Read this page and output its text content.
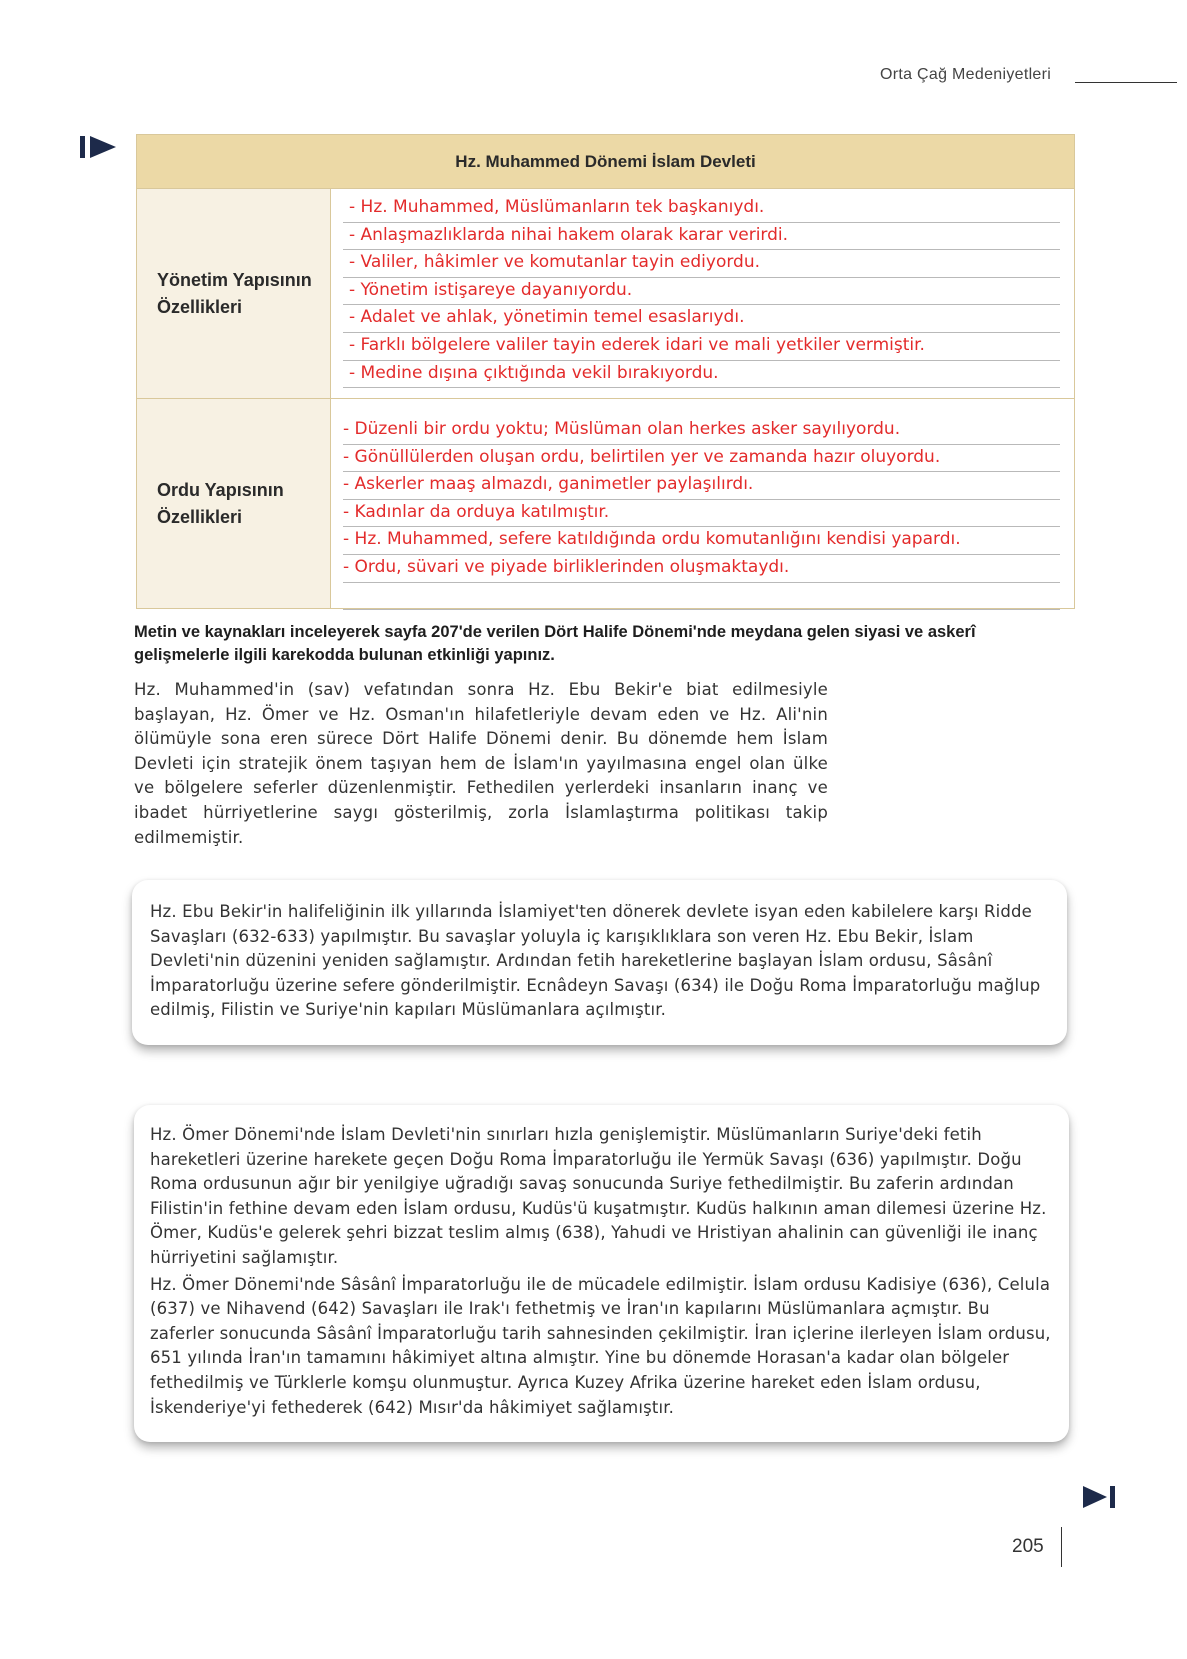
Orta Çağ Medeniyetleri
Hz. Muhammed Dönemi İslam Devleti
Yönetim Yapısının
Özellikleri
- Hz. Muhammed, Müslümanların tek başkanıydı.
- Anlaşmazlıklarda nihai hakem olarak karar verirdi.
- Valiler, hâkimler ve komutanlar tayin ediyordu.
- Yönetim istişareye dayanıyordu.
- Adalet ve ahlak, yönetimin temel esaslarıydı.
- Farklı bölgelere valiler tayin ederek idari ve mali yetkiler vermiştir.
- Medine dışına çıktığında vekil bırakıyordu.
Ordu Yapısının
Özellikleri
- Düzenli bir ordu yoktu; Müslüman olan herkes asker sayılıyordu.
- Gönüllülerden oluşan ordu, belirtilen yer ve zamanda hazır oluyordu.
- Askerler maaş almazdı, ganimetler paylaşılırdı.
- Kadınlar da orduya katılmıştır.
- Hz. Muhammed, sefere katıldığında ordu komutanlığını kendisi yapardı.
- Ordu, süvari ve piyade birliklerinden oluşmaktaydı.
Metin ve kaynakları inceleyerek sayfa 207'de verilen Dört Halife Dönemi'nde meydana gelen siyasi ve askerî gelişmelerle ilgili karekodda bulunan etkinliği yapınız.
Hz. Muhammed'in (sav) vefatından sonra Hz. Ebu Bekir'e biat edilmesiyle başlayan, Hz. Ömer ve Hz. Osman'ın hilafetleriyle devam eden ve Hz. Ali'nin ölümüyle sona eren sürece Dört Halife Dönemi denir. Bu dönemde hem İslam Devleti için stratejik önem taşıyan hem de İslam'ın yayılmasına engel olan ülke ve bölgelere seferler düzenlenmiştir. Fethedilen yerlerdeki insanların inanç ve ibadet hürriyetlerine saygı gösterilmiş, zorla İslamlaştırma politikası takip edilmemiştir.

Hz. Ebu Bekir'in halifeliğinin ilk yıllarında İslamiyet'ten dönerek devlete isyan eden kabilelere karşı Ridde Savaşları (632-633) yapılmıştır. Bu savaşlar yoluyla iç karışıklıklara son veren Hz. Ebu Bekir, İslam Devleti'nin düzenini yeniden sağlamıştır. Ardından fetih hareketlerine başlayan İslam ordusu, Sâsânî İmparatorluğu üzerine sefere gönderilmiştir. Ecnâdeyn Savaşı (634) ile Doğu Roma İmparatorluğu mağlup edilmiş, Filistin ve Suriye'nin kapıları Müslümanlara açılmıştır.

Hz. Ömer Dönemi'nde İslam Devleti'nin sınırları hızla genişlemiştir. Müslümanların Suriye'deki fetih hareketleri üzerine harekete geçen Doğu Roma İmparatorluğu ile Yermük Savaşı (636) yapılmıştır. Doğu Roma ordusunun ağır bir yenilgiye uğradığı savaş sonucunda Suriye fethedilmiştir. Bu zaferin ardından Filistin'in fethine devam eden İslam ordusu, Kudüs'ü kuşatmıştır. Kudüs halkının aman dilemesi üzerine Hz. Ömer, Kudüs'e gelerek şehri bizzat teslim almış (638), Yahudi ve Hristiyan ahalinin can güvenliği ile inanç hürriyetini sağlamıştır.

Hz. Ömer Dönemi'nde Sâsânî İmparatorluğu ile de mücadele edilmiştir. İslam ordusu Kadisiye (636), Celula (637) ve Nihavend (642) Savaşları ile Irak'ı fethetmiş ve İran'ın kapılarını Müslümanlara açmıştır. Bu zaferler sonucunda Sâsânî İmparatorluğu tarih sahnesinden çekilmiştir. İran içlerine ilerleyen İslam ordusu, 651 yılında İran'ın tamamını hâkimiyet altına almıştır. Yine bu dönemde Horasan'a kadar olan bölgeler fethedilmiş ve Türklerle komşu olunmuştur. Ayrıca Kuzey Afrika üzerine hareket eden İslam ordusu, İskenderiye'yi fethederek (642) Mısır'da hâkimiyet sağlamıştır.

205
